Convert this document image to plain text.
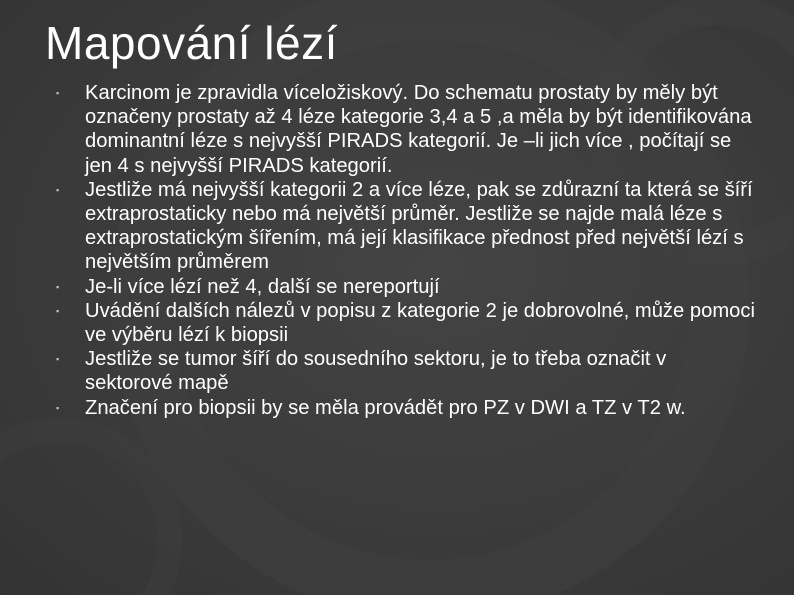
Mapování lézí
▪ Karcinom je zpravidla víceložiskový. Do schematu prostaty by měly být označeny prostaty až 4 léze kategorie 3,4 a 5 ,a měla by být identifikována dominantní léze s nejvyšší PIRADS kategorií. Je –li jich více , počítají se jen 4 s nejvyšší PIRADS kategorií.
▪ Jestliže má nejvyšší kategorii 2 a více léze, pak se zdůrazní ta která se šíří extraprostaticky nebo má největší průměr. Jestliže se najde malá léze s extraprostatickým šířením, má její klasifikace přednost před největší lézí s největším průměrem
▪ Je-li více lézí než 4, další se nereportují
▪ Uvádění dalších nálezů v popisu z kategorie 2 je dobrovolné, může pomoci ve výběru lézí k biopsii
▪ Jestliže se tumor šíří do sousedního sektoru, je to třeba označit v sektorové mapě
▪ Značení pro biopsii by se měla provádět pro PZ v DWI a TZ v T2 w.
